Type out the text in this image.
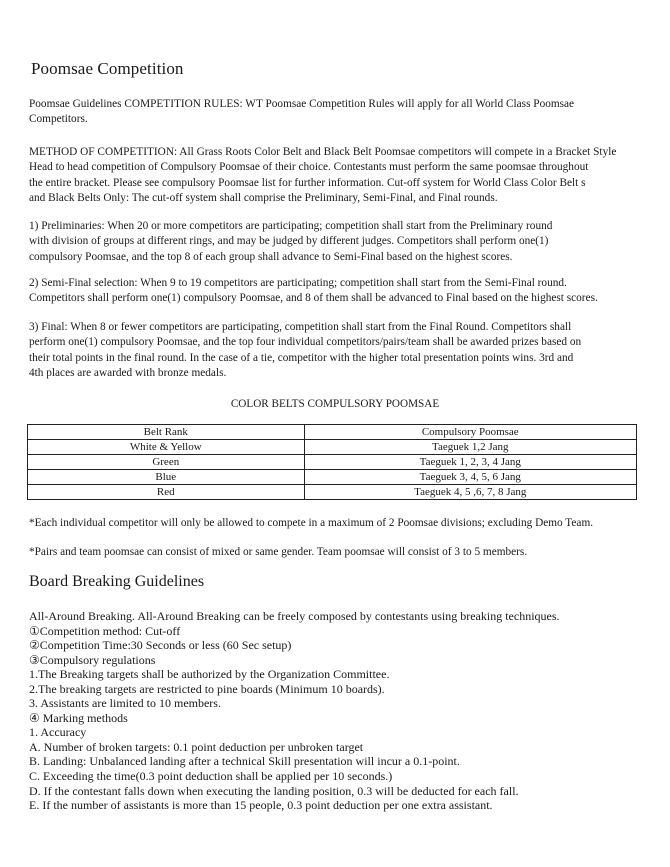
Poomsae Competition
Poomsae Guidelines COMPETITION RULES: WT Poomsae Competition Rules will apply for all World Class Poomsae
Competitors.
METHOD OF COMPETITION: All Grass Roots Color Belt and Black Belt Poomsae competitors will compete in a Bracket Style
Head to head competition of Compulsory Poomsae of their choice. Contestants must perform the same poomsae throughout
the entire bracket. Please see compulsory Poomsae list for further information. Cut-off system for World Class Color Belt s
and Black Belts Only: The cut-off system shall comprise the Preliminary, Semi-Final, and Final rounds.
1) Preliminaries: When 20 or more competitors are participating; competition shall start from the Preliminary round
with division of groups at different rings, and may be judged by different judges. Competitors shall perform one(1)
compulsory Poomsae, and the top 8 of each group shall advance to Semi-Final based on the highest scores.
2) Semi-Final selection: When 9 to 19 competitors are participating; competition shall start from the Semi-Final round.
Competitors shall perform one(1) compulsory Poomsae, and 8 of them shall be advanced to Final based on the highest scores.
3) Final: When 8 or fewer competitors are participating, competition shall start from the Final Round. Competitors shall
perform one(1) compulsory Poomsae, and the top four individual competitors/pairs/team shall be awarded prizes based on
their total points in the final round. In the case of a tie, competitor with the higher total presentation points wins. 3rd and
4th places are awarded with bronze medals.
COLOR BELTS COMPULSORY POOMSAE
Belt Rank	Compulsory Poomsae
White & Yellow	Taeguek 1,2 Jang
Green	Taeguek 1, 2, 3, 4 Jang
Blue	Taeguek 3, 4, 5, 6 Jang
Red	Taeguek 4, 5 ,6, 7, 8 Jang
*Each individual competitor will only be allowed to compete in a maximum of 2 Poomsae divisions; excluding Demo Team.
*Pairs and team poomsae can consist of mixed or same gender. Team poomsae will consist of 3 to 5 members.
Board Breaking Guidelines
All-Around Breaking. All-Around Breaking can be freely composed by contestants using breaking techniques.
①Competition method: Cut-off
②Competition Time:30 Seconds or less (60 Sec setup)
③Compulsory regulations
1.The Breaking targets shall be authorized by the Organization Committee.
2.The breaking targets are restricted to pine boards (Minimum 10 boards).
3. Assistants are limited to 10 members.
④ Marking methods
1. Accuracy
A. Number of broken targets: 0.1 point deduction per unbroken target
B. Landing: Unbalanced landing after a technical Skill presentation will incur a 0.1-point.
C. Exceeding the time(0.3 point deduction shall be applied per 10 seconds.)
D. If the contestant falls down when executing the landing position, 0.3 will be deducted for each fall.
E. If the number of assistants is more than 15 people, 0.3 point deduction per one extra assistant.
